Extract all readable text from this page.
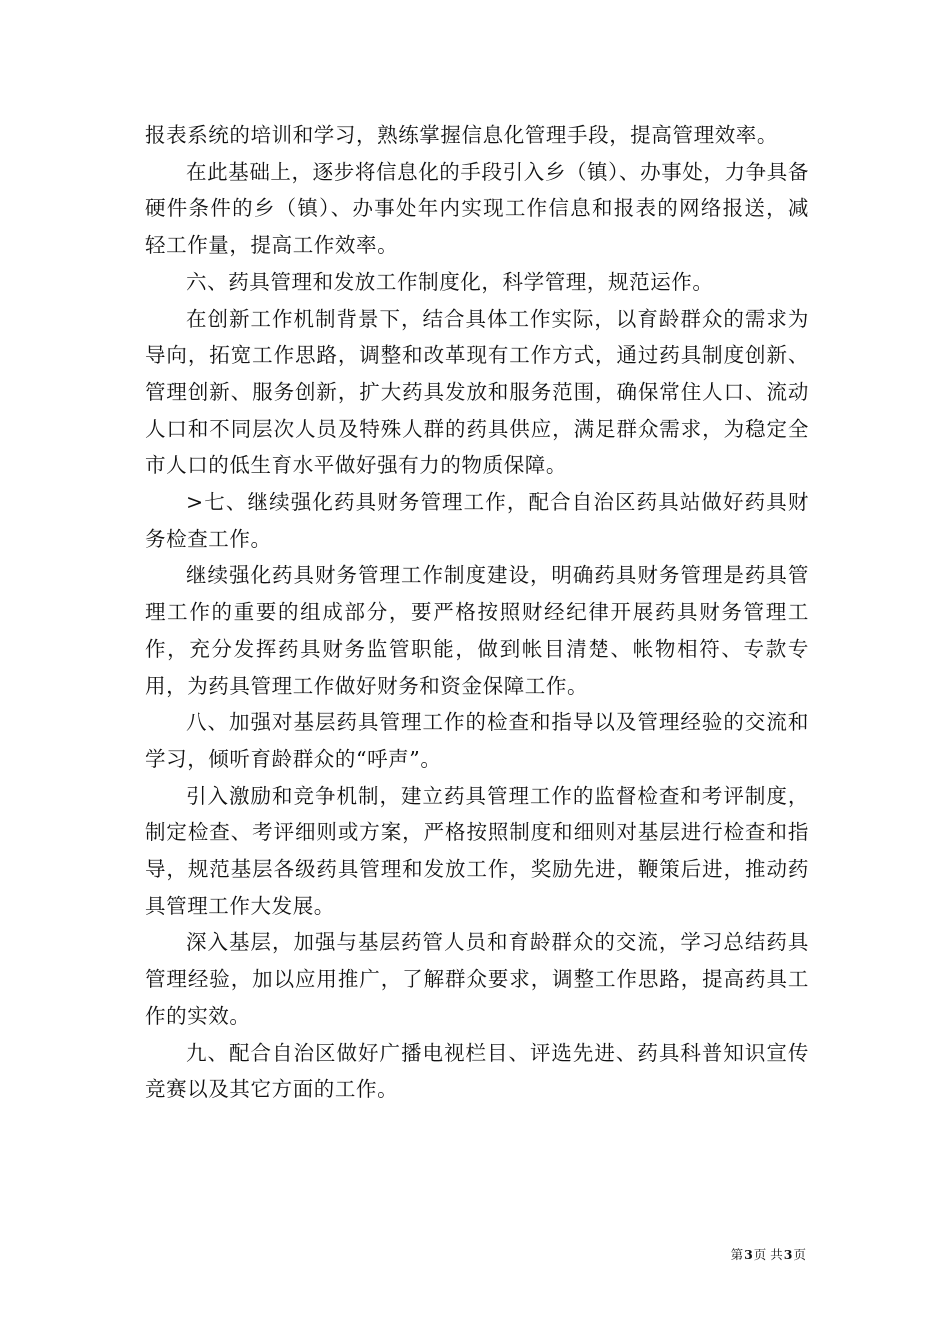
报表系统的培训和学习，熟练掌握信息化管理手段，提高管理效率。

在此基础上，逐步将信息化的手段引入乡（镇）、办事处，力争具备硬件条件的乡（镇）、办事处年内实现工作信息和报表的网络报送，减轻工作量，提高工作效率。

六、药具管理和发放工作制度化，科学管理，规范运作。

在创新工作机制背景下，结合具体工作实际，以育龄群众的需求为导向，拓宽工作思路，调整和改革现有工作方式，通过药具制度创新、管理创新、服务创新，扩大药具发放和服务范围，确保常住人口、流动人口和不同层次人员及特殊人群的药具供应，满足群众需求，为稳定全市人口的低生育水平做好强有力的物质保障。

>七、继续强化药具财务管理工作，配合自治区药具站做好药具财务检查工作。

继续强化药具财务管理工作制度建设，明确药具财务管理是药具管理工作的重要的组成部分，要严格按照财经纪律开展药具财务管理工作，充分发挥药具财务监管职能，做到帐目清楚、帐物相符、专款专用，为药具管理工作做好财务和资金保障工作。

八、加强对基层药具管理工作的检查和指导以及管理经验的交流和学习，倾听育龄群众的“呼声”。

引入激励和竞争机制，建立药具管理工作的监督检查和考评制度，制定检查、考评细则或方案，严格按照制度和细则对基层进行检查和指导，规范基层各级药具管理和发放工作，奖励先进，鞭策后进，推动药具管理工作大发展。

深入基层，加强与基层药管人员和育龄群众的交流，学习总结药具管理经验，加以应用推广，了解群众要求，调整工作思路，提高药具工作的实效。

九、配合自治区做好广播电视栏目、评选先进、药具科普知识宣传竞赛以及其它方面的工作。

第3页 共3页
